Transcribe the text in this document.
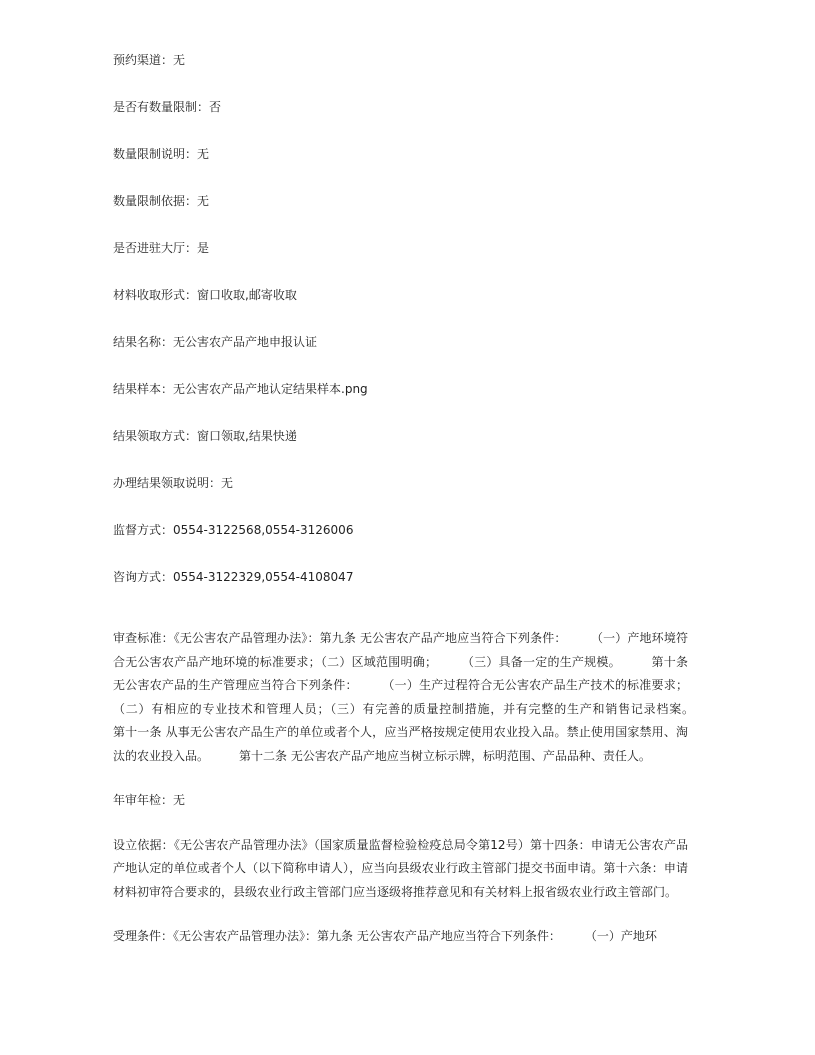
预约渠道：无
是否有数量限制：否
数量限制说明：无
数量限制依据：无
是否进驻大厅：是
材料收取形式：窗口收取,邮寄收取
结果名称：无公害农产品产地申报认证
结果样本：无公害农产品产地认定结果样本.png
结果领取方式：窗口领取,结果快递
办理结果领取说明：无
监督方式：0554-3122568,0554-3126006
咨询方式：0554-3122329,0554-4108047
审查标准：《无公害农产品管理办法》：第九条 无公害农产品产地应当符合下列条件：　　　（一）产地环境符合无公害农产品产地环境的标准要求；（二）区域范围明确；　　　（三）具备一定的生产规模。　　　第十条 无公害农产品的生产管理应当符合下列条件：　　　（一）生产过程符合无公害农产品生产技术的标准要求；（二）有相应的专业技术和管理人员；（三）有完善的质量控制措施，并有完整的生产和销售记录档案。　　　第十一条 从事无公害农产品生产的单位或者个人，应当严格按规定使用农业投入品。禁止使用国家禁用、淘汰的农业投入品。　　　第十二条 无公害农产品产地应当树立标示牌，标明范围、产品品种、责任人。
年审年检：无
设立依据：《无公害农产品管理办法》（国家质量监督检验检疫总局令第12号）第十四条：申请无公害农产品产地认定的单位或者个人（以下简称申请人），应当向县级农业行政主管部门提交书面申请。第十六条：申请材料初审符合要求的，县级农业行政主管部门应当逐级将推荐意见和有关材料上报省级农业行政主管部门。
受理条件：《无公害农产品管理办法》：第九条 无公害农产品产地应当符合下列条件：　　　（一）产地环
